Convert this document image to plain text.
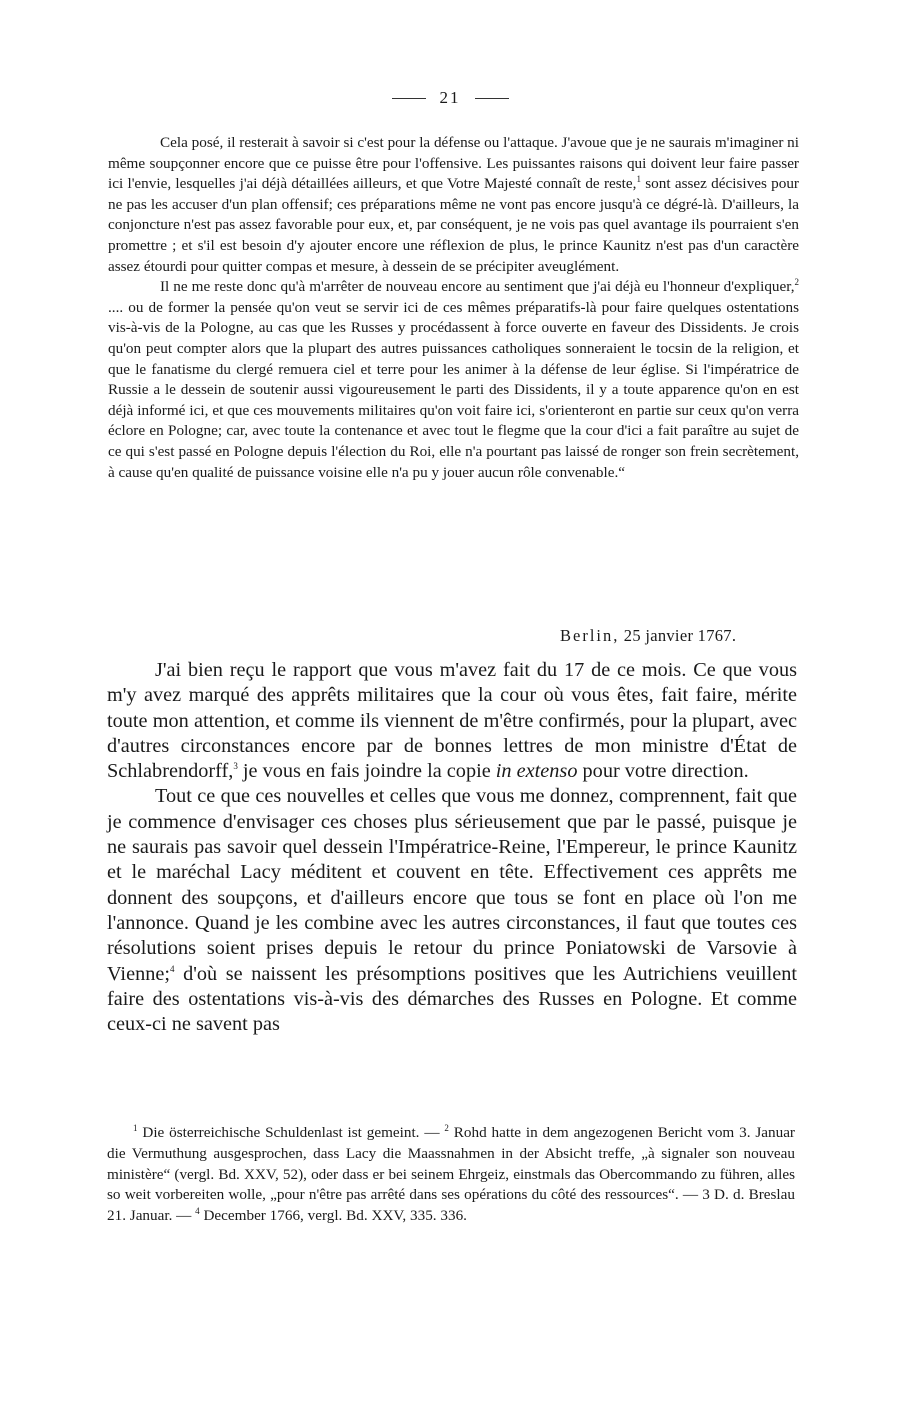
21

Cela posé, il resterait à savoir si c'est pour la défense ou l'attaque. J'avoue que je ne saurais m'imaginer ni même soupçonner encore que ce puisse être pour l'offensive. Les puissantes raisons qui doivent leur faire passer ici l'envie, lesquelles j'ai déjà détaillées ailleurs, et que Votre Majesté connaît de reste,$^1$ sont assez décisives pour ne pas les accuser d'un plan offensif; ces préparations même ne vont pas encore jusqu'à ce dégré-là. D'ailleurs, la conjoncture n'est pas assez favorable pour eux, et, par conséquent, je ne vois pas quel avantage ils pourraient s'en promettre ; et s'il est besoin d'y ajouter encore une réflexion de plus, le prince Kaunitz n'est pas d'un caractère assez étourdi pour quitter compas et mesure, à dessein de se précipiter aveuglément.

Il ne me reste donc qu'à m'arrêter de nouveau encore au sentiment que j'ai déjà eu l'honneur d'expliquer,$^2$ .... ou de former la pensée qu'on veut se servir ici de ces mêmes préparatifs-là pour faire quelques ostentations vis-à-vis de la Pologne, au cas que les Russes y procédassent à force ouverte en faveur des Dissidents. Je crois qu'on peut compter alors que la plupart des autres puissances catholiques sonneraient le tocsin de la religion, et que le fanatisme du clergé remuera ciel et terre pour les animer à la défense de leur église. Si l'impératrice de Russie a le dessein de soutenir aussi vigoureusement le parti des Dissidents, il y a toute apparence qu'on en est déjà informé ici, et que ces mouvements militaires qu'on voit faire ici, s'orienteront en partie sur ceux qu'on verra éclore en Pologne; car, avec toute la contenance et avec tout le flegme que la cour d'ici a fait paraître au sujet de ce qui s'est passé en Pologne depuis l'élection du Roi, elle n'a pourtant pas laissé de ronger son frein secrètement, à cause qu'en qualité de puissance voisine elle n'a pu y jouer aucun rôle convenable.“

Berlin, 25 janvier 1767.

J'ai bien reçu le rapport que vous m'avez fait du 17 de ce mois. Ce que vous m'y avez marqué des apprêts militaires que la cour où vous êtes, fait faire, mérite toute mon attention, et comme ils viennent de m'être confirmés, pour la plupart, avec d'autres circonstances encore par de bonnes lettres de mon ministre d'État de Schlabrendorff,$^3$ je vous en fais joindre la copie in extenso pour votre direction.

Tout ce que ces nouvelles et celles que vous me donnez, comprennent, fait que je commence d'envisager ces choses plus sérieusement que par le passé, puisque je ne saurais pas savoir quel dessein l'Impératrice-Reine, l'Empereur, le prince Kaunitz et le maréchal Lacy méditent et couvent en tête. Effectivement ces apprêts me donnent des soupçons, et d'ailleurs encore que tous se font en place où l'on me l'annonce. Quand je les combine avec les autres circonstances, il faut que toutes ces résolutions soient prises depuis le retour du prince Poniatowski de Varsovie à Vienne;$^4$ d'où se naissent les présomptions positives que les Autrichiens veuillent faire des ostentations vis-à-vis des démarches des Russes en Pologne. Et comme ceux-ci ne savent pas

$^1$ Die österreichische Schuldenlast ist gemeint. — $^2$ Rohd hatte in dem angezogenen Bericht vom 3. Januar die Vermuthung ausgesprochen, dass Lacy die Maassnahmen in der Absicht treffe, „à signaler son nouveau ministère“ (vergl. Bd. XXV, 52), oder dass er bei seinem Ehrgeiz, einstmals das Obercommando zu führen, alles so weit vorbereiten wolle, „pour n'être pas arrêté dans ses opérations du côté des ressources“. — 3 D. d. Breslau 21. Januar. — $^4$ December 1766, vergl. Bd. XXV, 335. 336.
